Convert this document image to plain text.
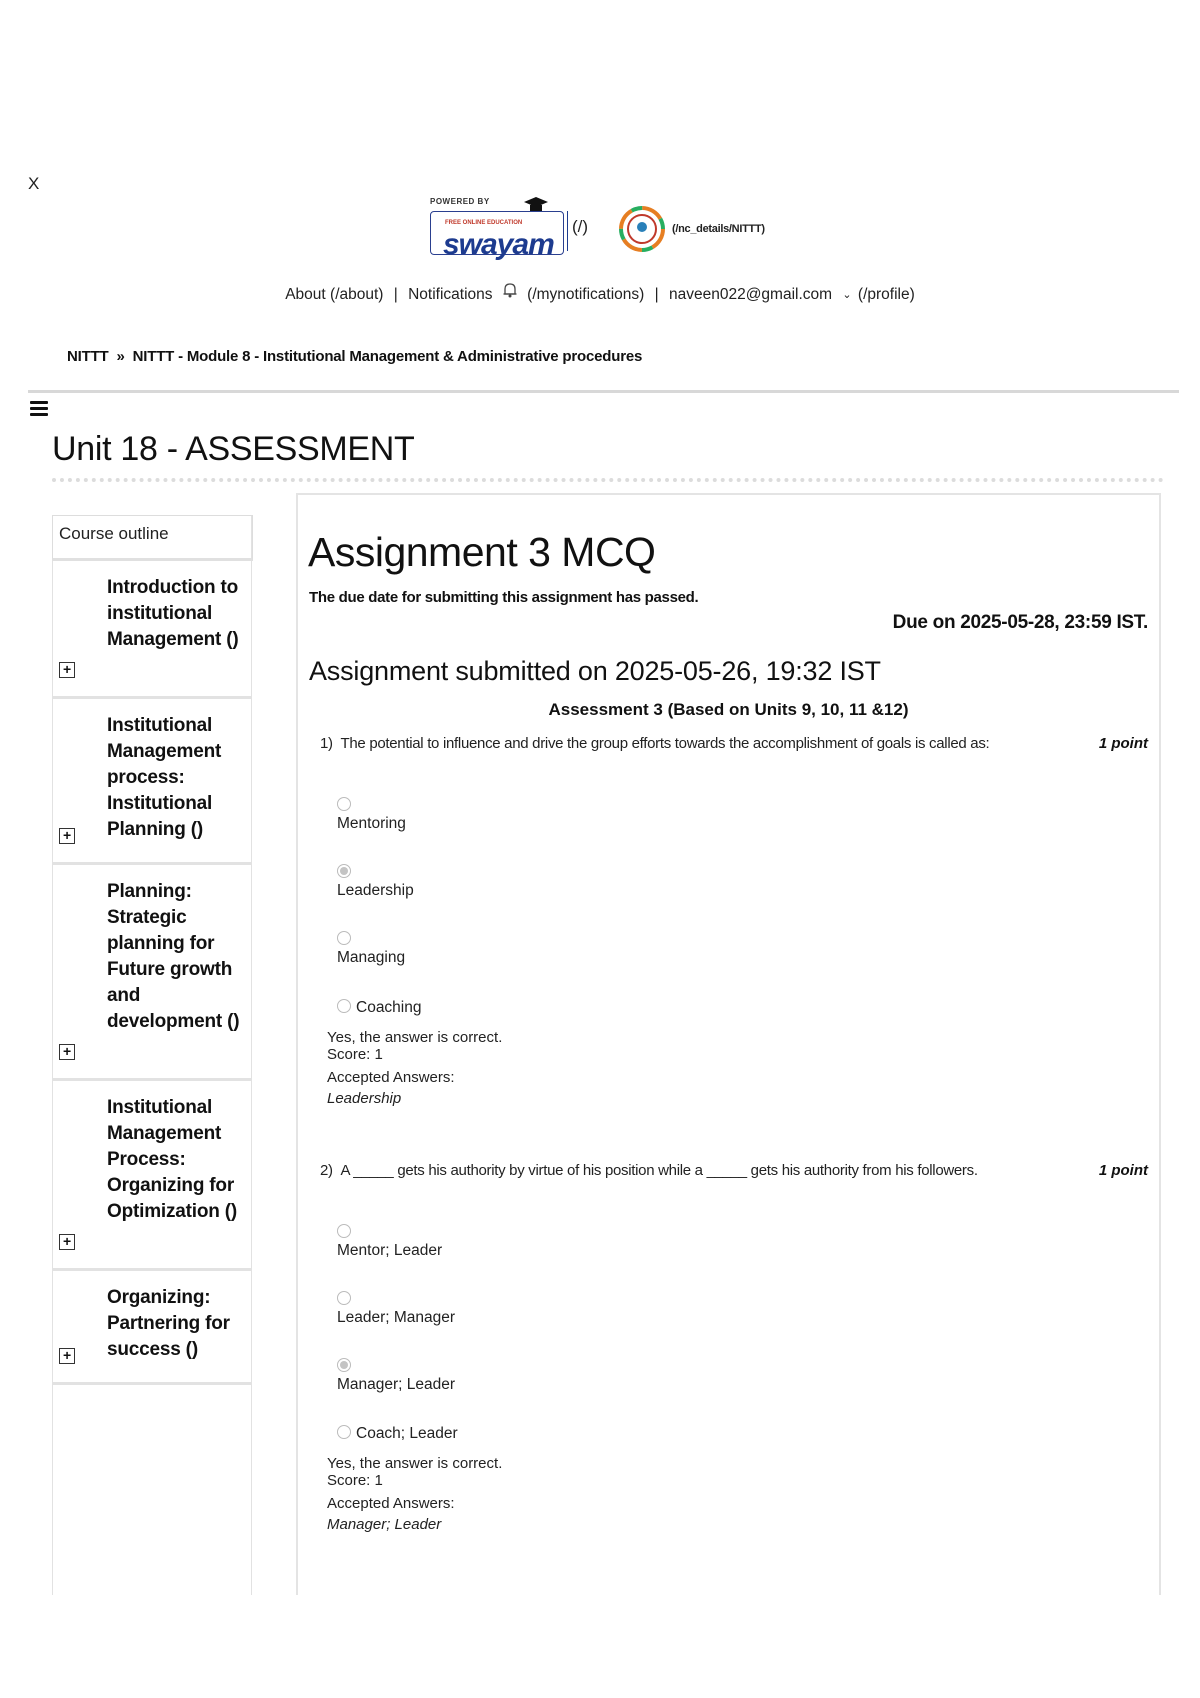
X
POWERED BY
FREE ONLINE EDUCATION
swayam
(/)	(/nc_details/NITTT)
About (/about) | Notifications (/mynotifications) | naveen022@gmail.com ⌄ (/profile)
NITTT » NITTT - Module 8 - Institutional Management & Administrative procedures
Unit 18 - ASSESSMENT
Course outline
+
Introduction to institutional Management ()
+
Institutional Management process: Institutional Planning ()
+
Planning: Strategic planning for Future growth and development ()
+
Institutional Management Process: Organizing for Optimization ()
+
Organizing: Partnering for success ()
Assignment 3 MCQ
The due date for submitting this assignment has passed.
Due on 2025-05-28, 23:59 IST.
Assignment submitted on 2025-05-26, 19:32 IST
Assessment 3 (Based on Units 9, 10, 11 &12)
1) The potential to influence and drive the group efforts towards the accomplishment of goals is called as:	1 point
Mentoring
Leadership
Managing
Coaching
Yes, the answer is correct.
Score: 1
Accepted Answers:
Leadership
2) A _____ gets his authority by virtue of his position while a _____ gets his authority from his followers.	1 point
Mentor; Leader
Leader; Manager
Manager; Leader
Coach; Leader
Yes, the answer is correct.
Score: 1
Accepted Answers:
Manager; Leader
